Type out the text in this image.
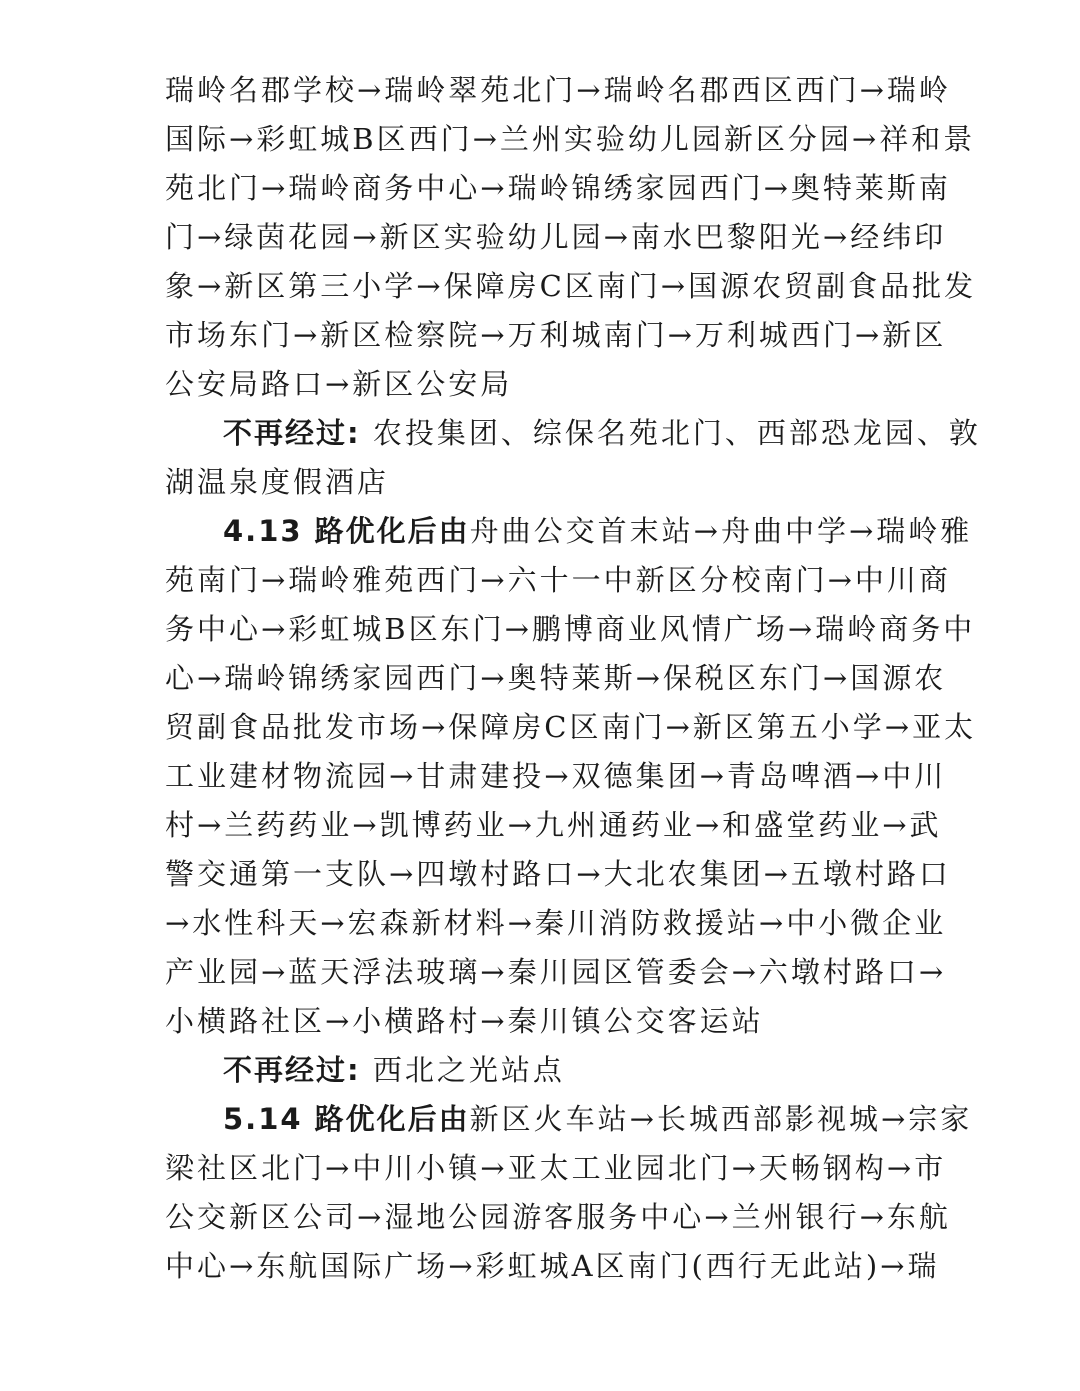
瑞岭名郡学校→瑞岭翠苑北门→瑞岭名郡西区西门→瑞岭
国际→彩虹城B区西门→兰州实验幼儿园新区分园→祥和景
苑北门→瑞岭商务中心→瑞岭锦绣家园西门→奥特莱斯南
门→绿茵花园→新区实验幼儿园→南水巴黎阳光→经纬印
象→新区第三小学→保障房C区南门→国源农贸副食品批发
市场东门→新区检察院→万利城南门→万利城西门→新区
公安局路口→新区公安局
不再经过: 农投集团、综保名苑北门、西部恐龙园、敦
湖温泉度假酒店
4.13 路优化后由舟曲公交首末站→舟曲中学→瑞岭雅
苑南门→瑞岭雅苑西门→六十一中新区分校南门→中川商
务中心→彩虹城B区东门→鹏博商业风情广场→瑞岭商务中
心→瑞岭锦绣家园西门→奥特莱斯→保税区东门→国源农
贸副食品批发市场→保障房C区南门→新区第五小学→亚太
工业建材物流园→甘肃建投→双德集团→青岛啤酒→中川
村→兰药药业→凯博药业→九州通药业→和盛堂药业→武
警交通第一支队→四墩村路口→大北农集团→五墩村路口
→水性科天→宏森新材料→秦川消防救援站→中小微企业
产业园→蓝天浮法玻璃→秦川园区管委会→六墩村路口→
小横路社区→小横路村→秦川镇公交客运站
不再经过: 西北之光站点
5.14 路优化后由新区火车站→长城西部影视城→宗家
梁社区北门→中川小镇→亚太工业园北门→天畅钢构→市
公交新区公司→湿地公园游客服务中心→兰州银行→东航
中心→东航国际广场→彩虹城A区南门(西行无此站)→瑞
